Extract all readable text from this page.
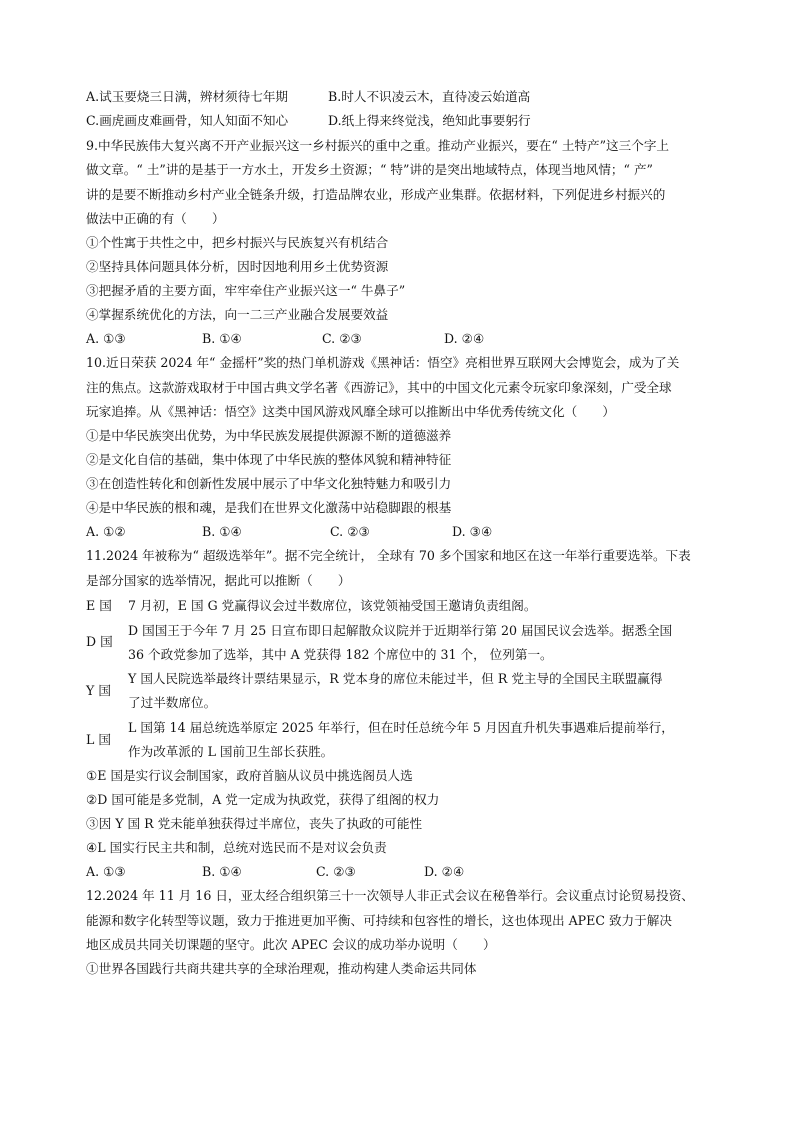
A.试玉要烧三日满，辨材须待七年期	B.时人不识凌云木，直待凌云始道高
C.画虎画皮难画骨，知人知面不知心	D.纸上得来终觉浅，绝知此事要躬行
9.中华民族伟大复兴离不开产业振兴这一乡村振兴的重中之重。推动产业振兴，要在“ 土特产”这三个字上
做文章。“ 土”讲的是基于一方水土，开发乡土资源；“ 特”讲的是突出地域特点，体现当地风情；“ 产”
讲的是要不断推动乡村产业全链条升级，打造品牌农业，形成产业集群。依据材料，下列促进乡村振兴的
做法中正确的有（　　）
①个性寓于共性之中，把乡村振兴与民族复兴有机结合
②坚持具体问题具体分析，因时因地利用乡土优势资源
③把握矛盾的主要方面，牢牢牵住产业振兴这一“ 牛鼻子”
④掌握系统优化的方法，向一二三产业融合发展要效益
A. ①③	B. ①④	C. ②③	D. ②④
10.近日荣获 2024 年“ 金摇杆”奖的热门单机游戏《黑神话：悟空》亮相世界互联网大会博览会，成为了关
注的焦点。这款游戏取材于中国古典文学名著《西游记》，其中的中国文化元素令玩家印象深刻，广受全球
玩家追捧。从《黑神话：悟空》这类中国风游戏风靡全球可以推断出中华优秀传统文化（　　）
①是中华民族突出优势，为中华民族发展提供源源不断的道德滋养
②是文化自信的基础，集中体现了中华民族的整体风貌和精神特征
③在创造性转化和创新性发展中展示了中华文化独特魅力和吸引力
④是中华民族的根和魂，是我们在世界文化激荡中站稳脚跟的根基
A. ①②	B. ①④	C. ②③	D. ③④
11.2024 年被称为“ 超级选举年”。据不完全统计， 全球有 70 多个国家和地区在这一年举行重要选举。下表
是部分国家的选举情况，据此可以推断（　　）
E 国 7 月初，E 国 G 党赢得议会过半数席位，该党领袖受国王邀请负责组阁。
D 国
D 国国王于今年 7 月 25 日宣布即日起解散众议院并于近期举行第 20 届国民议会选举。据悉全国
36 个政党参加了选举，其中 A 党获得 182 个席位中的 31 个， 位列第一。
Y 国
Y 国人民院选举最终计票结果显示，R 党本身的席位未能过半，但 R 党主导的全国民主联盟赢得
了过半数席位。
L 国
L 国第 14 届总统选举原定 2025 年举行，但在时任总统今年 5 月因直升机失事遇难后提前举行，
作为改革派的 L 国前卫生部长获胜。
①E 国是实行议会制国家，政府首脑从议员中挑选阁员人选
②D 国可能是多党制，A 党一定成为执政党，获得了组阁的权力
③因 Y 国 R 党未能单独获得过半席位，丧失了执政的可能性
④L 国实行民主共和制，总统对选民而不是对议会负责
A. ①③	B. ①④	C. ②③	D. ②④
12.2024 年 11 月 16 日，亚太经合组织第三十一次领导人非正式会议在秘鲁举行。会议重点讨论贸易投资、
能源和数字化转型等议题，致力于推进更加平衡、可持续和包容性的增长，这也体现出 APEC 致力于解决
地区成员共同关切课题的坚守。此次 APEC 会议的成功举办说明（　　）
①世界各国践行共商共建共享的全球治理观，推动构建人类命运共同体
